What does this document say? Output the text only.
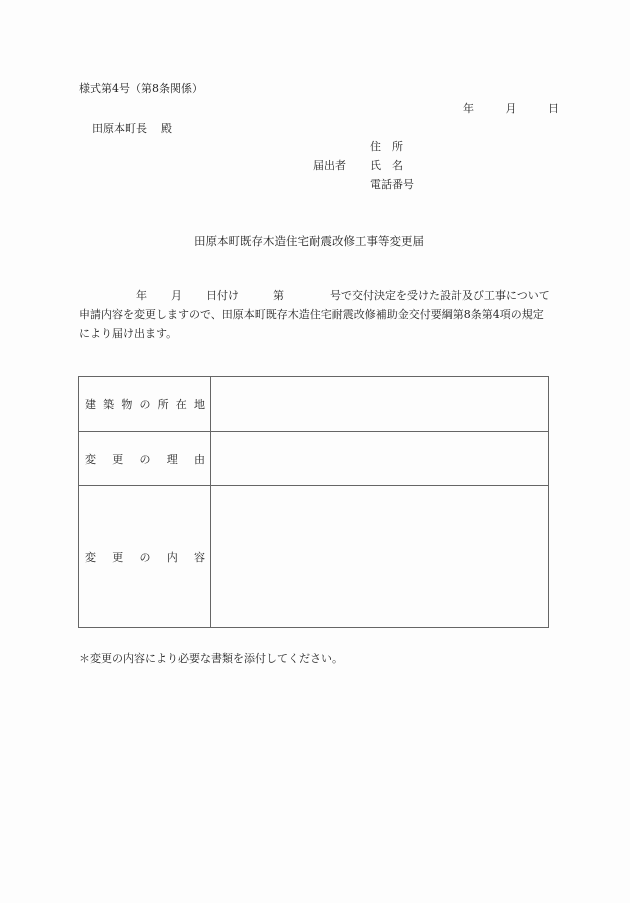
様式第4号（第8条関係）
年	月	日
田原本町長 殿
届出者
住　所
氏　名
電話番号
田原本町既存木造住宅耐震改修工事等変更届
年 月 日付け	第	号で交付決定を受けた設計及び工事について申請内容を変更しますので、田原本町既存木造住宅耐震改修補助金交付要綱第8条第4項の規定により届け出ます。
建 築 物 の 所 在 地

変 更 の 理 由	

変 更 の 内 容	

＊変更の内容により必要な書類を添付してください。
